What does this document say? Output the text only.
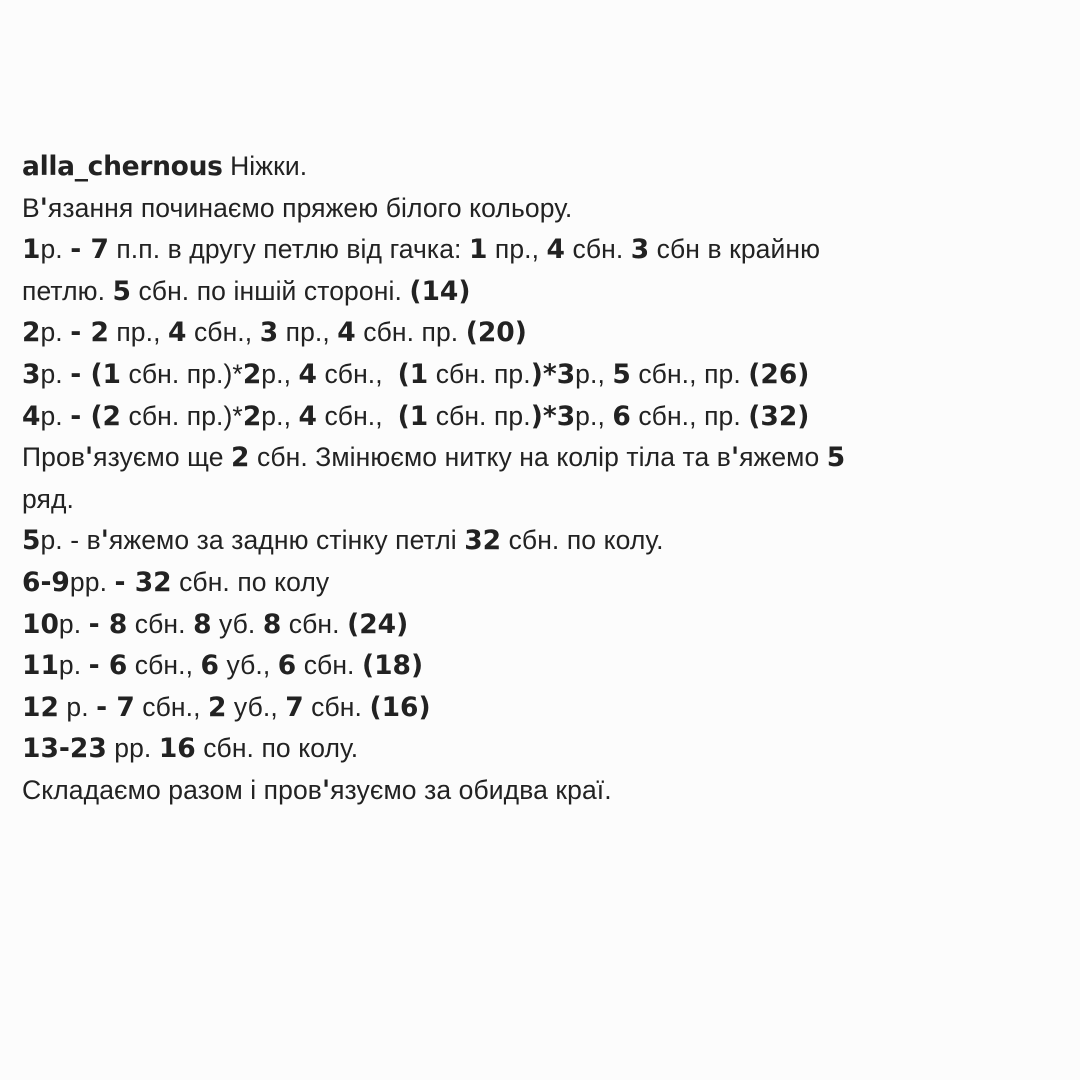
alla_chernous Ніжки.
В'язання починаємо пряжею білого кольору.
1р. - 7 п.п. в другу петлю від гачка: 1 пр., 4 сбн. 3 сбн в крайню
петлю. 5 сбн. по іншій стороні. (14)
2р. - 2 пр., 4 сбн., 3 пр., 4 сбн. пр. (20)
3р. - (1 сбн. пр.)*2р., 4 сбн.,  (1 сбн. пр.)*3р., 5 сбн., пр. (26)
4р. - (2 сбн. пр.)*2р., 4 сбн.,  (1 сбн. пр.)*3р., 6 сбн., пр. (32)
Пров'язуємо ще 2 сбн. Змінюємо нитку на колір тіла та в'яжемо 5
ряд.
5р. - в'яжемо за задню стінку петлі 32 сбн. по колу.
6-9рр. - 32 сбн. по колу
10р. - 8 сбн. 8 уб. 8 сбн. (24)
11р. - 6 сбн., 6 уб., 6 сбн. (18)
12 р. - 7 сбн., 2 уб., 7 сбн. (16)
13-23 рр. 16 сбн. по колу.
Складаємо разом і пров'язуємо за обидва краї.
